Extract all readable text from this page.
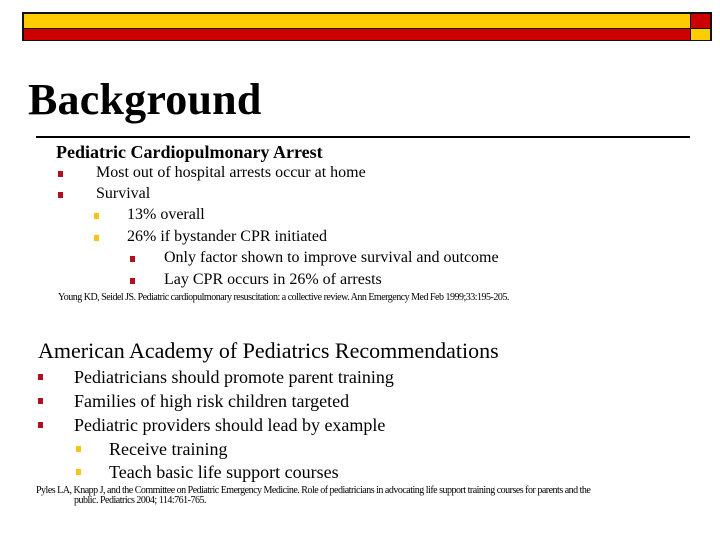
Background
Pediatric Cardiopulmonary Arrest
Most out of hospital arrests occur at home
Survival
13% overall
26% if bystander CPR initiated
Only factor shown to improve survival and outcome
Lay CPR occurs in 26% of arrests
Young KD, Seidel JS. Pediatric cardiopulmonary resuscitation: a collective review. Ann Emergency Med Feb 1999;33:195-205.
American Academy of Pediatrics Recommendations
Pediatricians should promote parent training
Families of high risk children targeted
Pediatric providers should lead by example
Receive training
Teach basic life support courses
Pyles LA, Knapp J, and the Committee on Pediatric Emergency Medicine. Role of pediatricians in advocating life support training courses for parents and the
public. Pediatrics 2004; 114:761-765.
